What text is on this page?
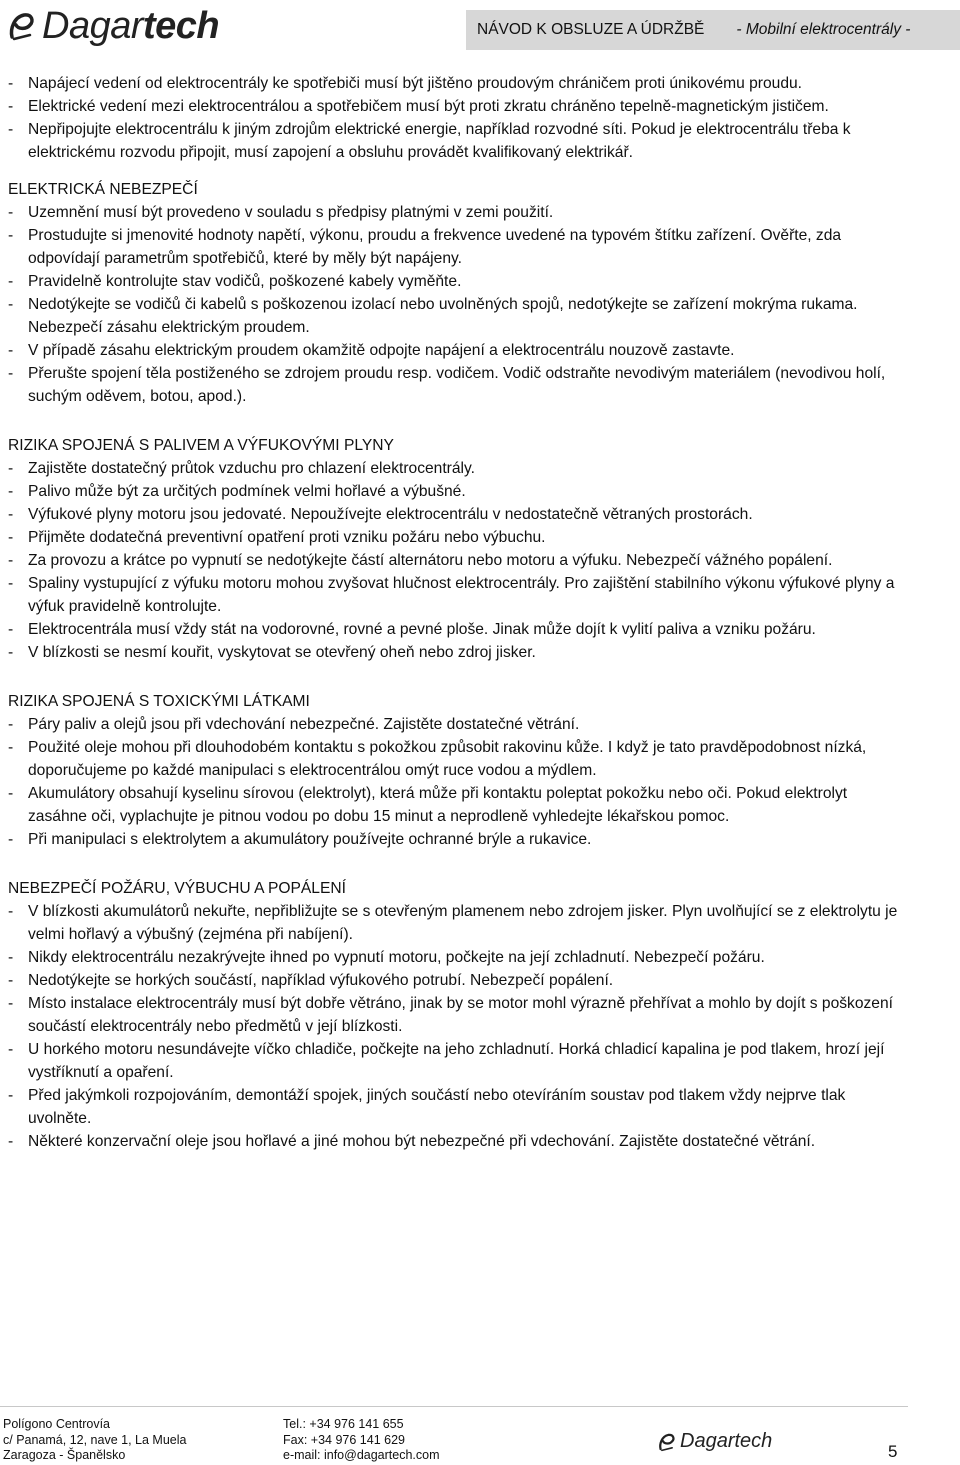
Dagartech	NÁVOD K OBSLUZE A ÚDRŽBĚ - Mobilní elektrocentrály -

- Napájecí vedení od elektrocentrály ke spotřebiči musí být jištěno proudovým chráničem proti únikovému proudu.

- Elektrické vedení mezi elektrocentrálou a spotřebičem musí být proti zkratu chráněno tepelně-magnetickým jističem.

- Nepřipojujte elektrocentrálu k jiným zdrojům elektrické energie, například rozvodné síti. Pokud je elektrocentrálu třeba k elektrickému rozvodu připojit, musí zapojení a obsluhu provádět kvalifikovaný elektrikář.

ELEKTRICKÁ NEBEZPEČÍ

- Uzemnění musí být provedeno v souladu s předpisy platnými v zemi použití.

- Prostudujte si jmenovité hodnoty napětí, výkonu, proudu a frekvence uvedené na typovém štítku zařízení. Ověřte, zda odpovídají parametrům spotřebičů, které by měly být napájeny.

- Pravidelně kontrolujte stav vodičů, poškozené kabely vyměňte.

- Nedotýkejte se vodičů či kabelů s poškozenou izolací nebo uvolněných spojů, nedotýkejte se zařízení mokrýma rukama. Nebezpečí zásahu elektrickým proudem.

- V případě zásahu elektrickým proudem okamžitě odpojte napájení a elektrocentrálu nouzově zastavte.

- Přerušte spojení těla postiženého se zdrojem proudu resp. vodičem. Vodič odstraňte nevodivým materiálem (nevodivou holí, suchým oděvem, botou, apod.).

RIZIKA SPOJENÁ S PALIVEM A VÝFUKOVÝMI PLYNY

- Zajistěte dostatečný průtok vzduchu pro chlazení elektrocentrály.

- Palivo může být za určitých podmínek velmi hořlavé a výbušné.

- Výfukové plyny motoru jsou jedovaté. Nepoužívejte elektrocentrálu v nedostatečně větraných prostorách.

- Přijměte dodatečná preventivní opatření proti vzniku požáru nebo výbuchu.

- Za provozu a krátce po vypnutí se nedotýkejte částí alternátoru nebo motoru a výfuku. Nebezpečí vážného popálení.

- Spaliny vystupující z výfuku motoru mohou zvyšovat hlučnost elektrocentrály. Pro zajištění stabilního výkonu výfukové plyny a výfuk pravidelně kontrolujte.

- Elektrocentrála musí vždy stát na vodorovné, rovné a pevné ploše. Jinak může dojít k vylití paliva a vzniku požáru.

- V blízkosti se nesmí kouřit, vyskytovat se otevřený oheň nebo zdroj jisker.

RIZIKA SPOJENÁ S TOXICKÝMI LÁTKAMI

- Páry paliv a olejů jsou při vdechování nebezpečné. Zajistěte dostatečné větrání.

- Použité oleje mohou při dlouhodobém kontaktu s pokožkou způsobit rakovinu kůže. I když je tato pravděpodobnost nízká, doporučujeme po každé manipulaci s elektrocentrálou omýt ruce vodou a mýdlem.

- Akumulátory obsahují kyselinu sírovou (elektrolyt), která může při kontaktu poleptat pokožku nebo oči. Pokud elektrolyt zasáhne oči, vyplachujte je pitnou vodou po dobu 15 minut a neprodleně vyhledejte lékařskou pomoc.

- Při manipulaci s elektrolytem a akumulátory používejte ochranné brýle a rukavice.

NEBEZPEČÍ POŽÁRU, VÝBUCHU A POPÁLENÍ

- V blízkosti akumulátorů nekuřte, nepřibližujte se s otevřeným plamenem nebo zdrojem jisker. Plyn uvolňující se z elektrolytu je velmi hořlavý a výbušný (zejména při nabíjení).

- Nikdy elektrocentrálu nezakrývejte ihned po vypnutí motoru, počkejte na její zchladnutí. Nebezpečí požáru.

- Nedotýkejte se horkých součástí, například výfukového potrubí. Nebezpečí popálení.

- Místo instalace elektrocentrály musí být dobře větráno, jinak by se motor mohl výrazně přehřívat a mohlo by dojít s poškození součástí elektrocentrály nebo předmětů v její blízkosti.

- U horkého motoru nesundávejte víčko chladiče, počkejte na jeho zchladnutí. Horká chladicí kapalina je pod tlakem, hrozí její vystříknutí a opaření.

- Před jakýmkoli rozpojováním, demontáží spojek, jiných součástí nebo otevíráním soustav pod tlakem vždy nejprve tlak uvolněte.

- Některé konzervační oleje jsou hořlavé a jiné mohou být nebezpečné při vdechování. Zajistěte dostatečné větrání.

Polígono Centrovía
c/ Panamá, 12, nave 1, La Muela
Zaragoza - Španělsko
Tel.: +34 976 141 655
Fax: +34 976 141 629
e-mail: info@dagartech.com
Dagartech	5
